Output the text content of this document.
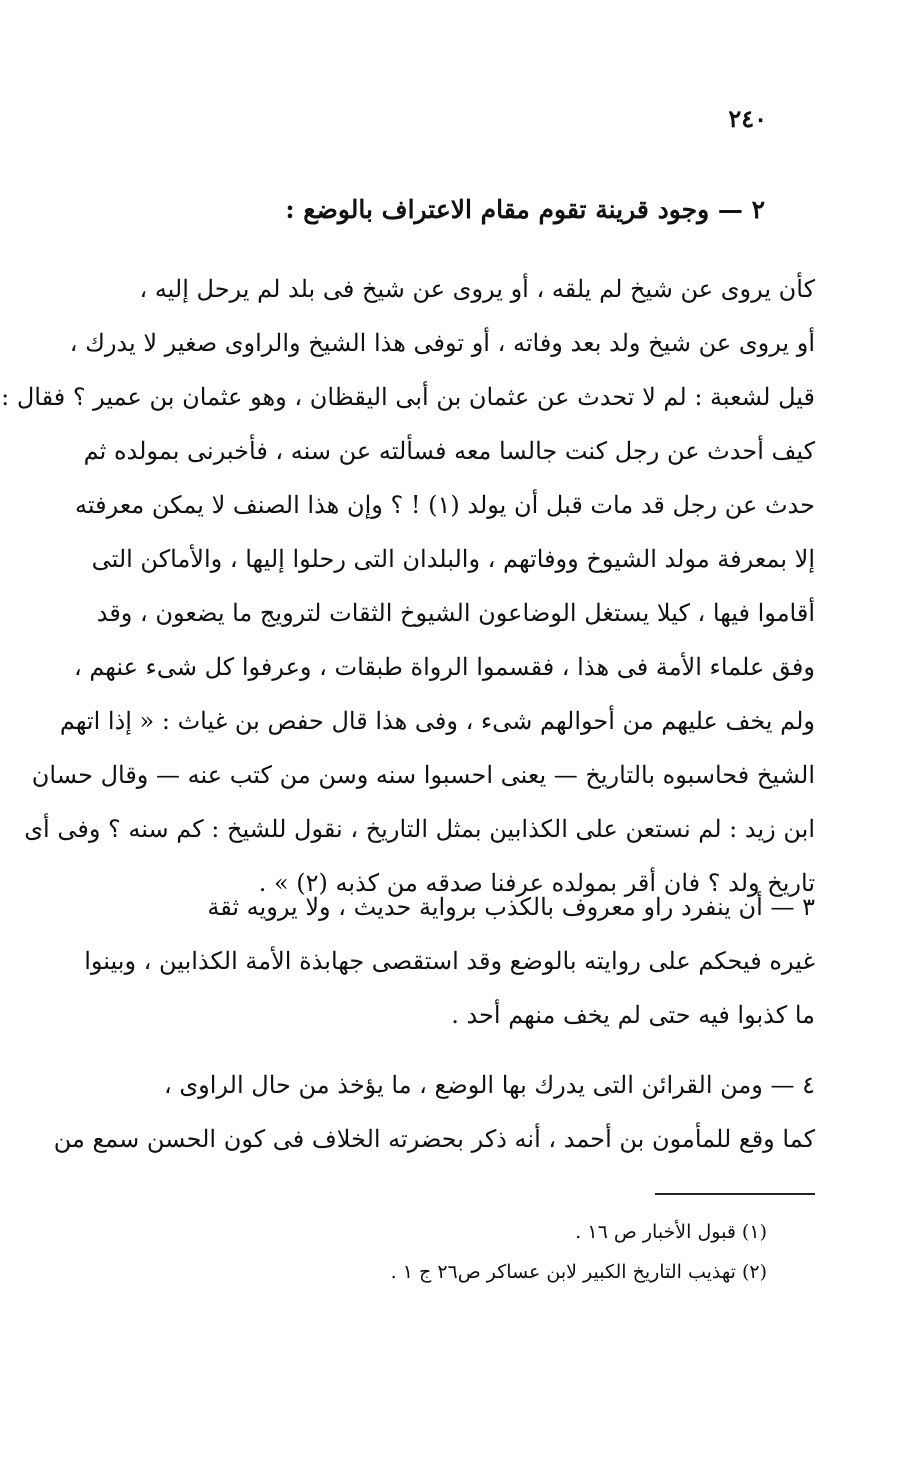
٢٤٠
٢ — وجود قرينة تقوم مقام الاعتراف بالوضع :
كأن يروى عن شيخ لم يلقه ، أو يروى عن شيخ فى بلد لم يرحل إليه ،
أو يروى عن شيخ ولد بعد وفاته ، أو توفى هذا الشيخ والراوى صغير لا يدرك ،
قيل لشعبة : لم لا تحدث عن عثمان بن أبى اليقظان ، وهو عثمان بن عمير ؟ فقال :
كيف أحدث عن رجل كنت جالسا معه فسألته عن سنه ، فأخبرنى بمولده ثم
حدث عن رجل قد مات قبل أن يولد (١) ! ؟ وإن هذا الصنف لا يمكن معرفته
إلا بمعرفة مولد الشيوخ ووفاتهم ، والبلدان التى رحلوا إليها ، والأماكن التى
أقاموا فيها ، كيلا يستغل الوضاعون الشيوخ الثقات لترويج ما يضعون ، وقد
وفق علماء الأمة فى هذا ، فقسموا الرواة طبقات ، وعرفوا كل شىء عنهم ،
ولم يخف عليهم من أحوالهم شىء ، وفى هذا قال حفص بن غياث : « إذا اتهم
الشيخ فحاسبوه بالتاريخ — يعنى احسبوا سنه وسن من كتب عنه — وقال حسان
ابن زيد : لم نستعن على الكذابين بمثل التاريخ ، نقول للشيخ : كم سنه ؟ وفى أى
تاريخ ولد ؟ فان أقر بمولده عرفنا صدقه من كذبه (٢) » .
٣ — أن ينفرد راو معروف بالكذب برواية حديث ، ولا يرويه ثقة
غيره فيحكم على روايته بالوضع وقد استقصى جهابذة الأمة الكذابين ، وبينوا
ما كذبوا فيه حتى لم يخف منهم أحد .
٤ — ومن القرائن التى يدرك بها الوضع ، ما يؤخذ من حال الراوى ،
كما وقع للمأمون بن أحمد ، أنه ذكر بحضرته الخلاف فى كون الحسن سمع من
(١) قبول الأخبار ص ١٦ .
(٢) تهذيب التاريخ الكبير لابن عساكر ص٢٦ ج ١ .
